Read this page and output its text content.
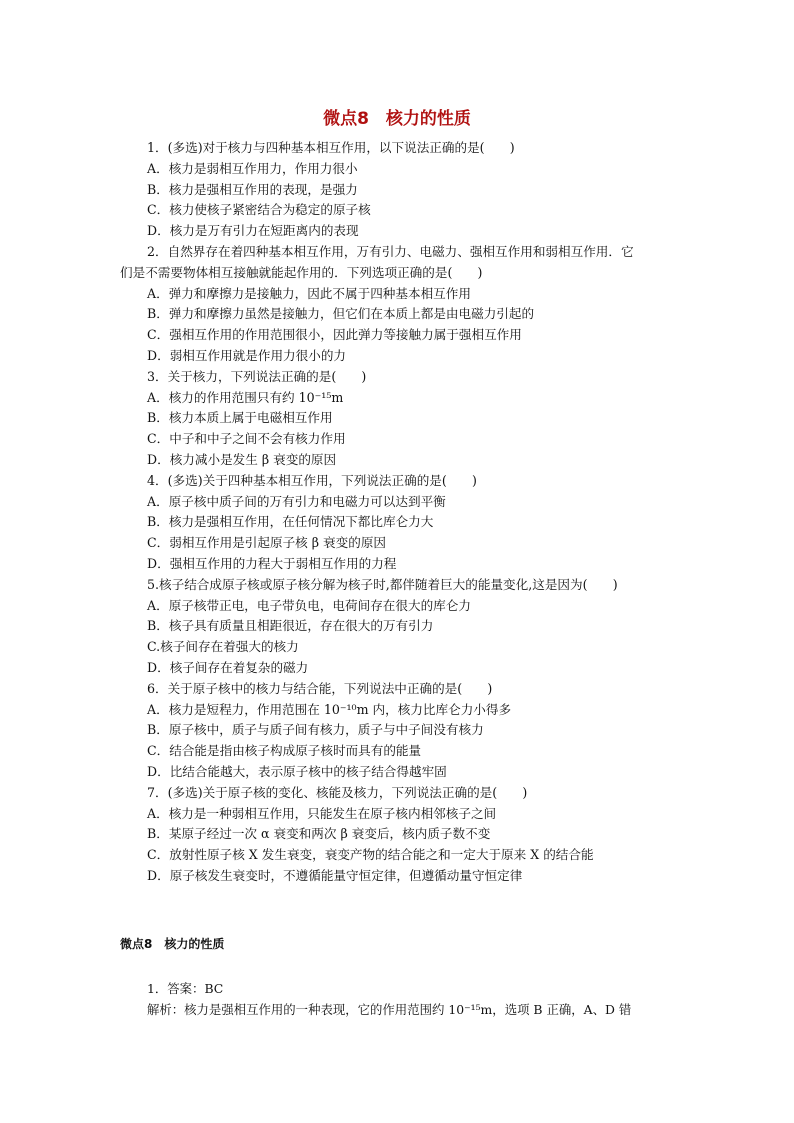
微点8　核力的性质
1．(多选)对于核力与四种基本相互作用，以下说法正确的是(　　)
A．核力是弱相互作用力，作用力很小
B．核力是强相互作用的表现，是强力
C．核力使核子紧密结合为稳定的原子核
D．核力是万有引力在短距离内的表现
2．自然界存在着四种基本相互作用，万有引力、电磁力、强相互作用和弱相互作用．它
们是不需要物体相互接触就能起作用的．下列选项正确的是(　　)
A．弹力和摩擦力是接触力，因此不属于四种基本相互作用
B．弹力和摩擦力虽然是接触力，但它们在本质上都是由电磁力引起的
C．强相互作用的作用范围很小，因此弹力等接触力属于强相互作用
D．弱相互作用就是作用力很小的力
3．关于核力，下列说法正确的是(　　)
A．核力的作用范围只有约 10⁻¹⁵m
B．核力本质上属于电磁相互作用
C．中子和中子之间不会有核力作用
D．核力减小是发生 β 衰变的原因
4．(多选)关于四种基本相互作用，下列说法正确的是(　　)
A．原子核中质子间的万有引力和电磁力可以达到平衡
B．核力是强相互作用，在任何情况下都比库仑力大
C．弱相互作用是引起原子核 β 衰变的原因
D．强相互作用的力程大于弱相互作用的力程
5.核子结合成原子核或原子核分解为核子时,都伴随着巨大的能量变化,这是因为(　　)
A．原子核带正电，电子带负电，电荷间存在很大的库仑力
B．核子具有质量且相距很近，存在很大的万有引力
C.核子间存在着强大的核力
D．核子间存在着复杂的磁力
6．关于原子核中的核力与结合能，下列说法中正确的是(　　)
A．核力是短程力，作用范围在 10⁻¹⁰m 内，核力比库仑力小得多
B．原子核中，质子与质子间有核力，质子与中子间没有核力
C．结合能是指由核子构成原子核时而具有的能量
D．比结合能越大，表示原子核中的核子结合得越牢固
7．(多选)关于原子核的变化、核能及核力，下列说法正确的是(　　)
A．核力是一种弱相互作用，只能发生在原子核内相邻核子之间
B．某原子经过一次 α 衰变和两次 β 衰变后，核内质子数不变
C．放射性原子核 X 发生衰变，衰变产物的结合能之和一定大于原来 X 的结合能
D．原子核发生衰变时，不遵循能量守恒定律，但遵循动量守恒定律
微点8　核力的性质
1．答案：BC
解析：核力是强相互作用的一种表现，它的作用范围约 10⁻¹⁵m，选项 B 正确，A、D 错
